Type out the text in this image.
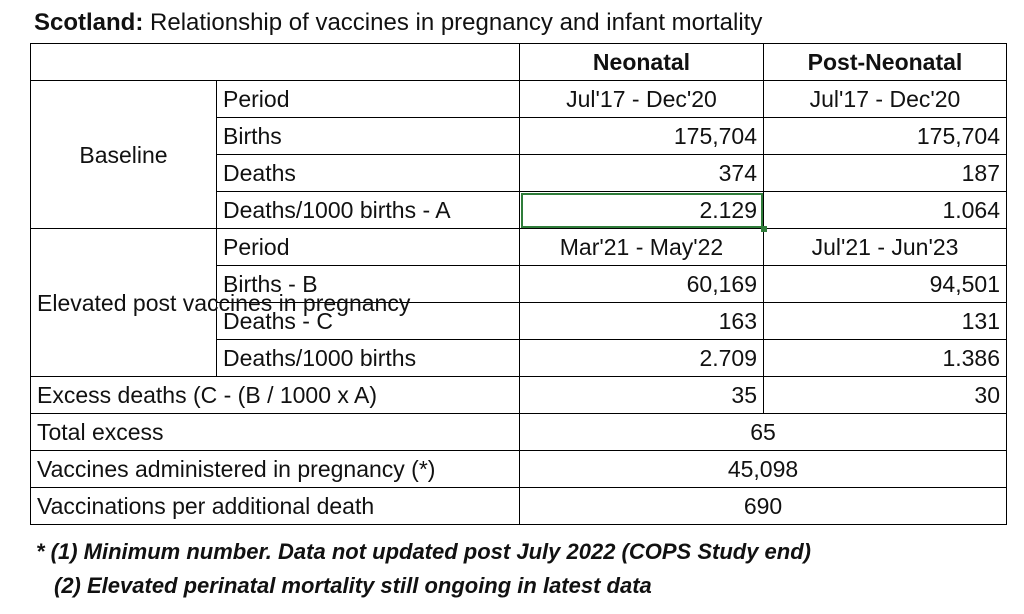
Scotland: Relationship of vaccines in pregnancy and infant mortality
		Neonatal	Post-Neonatal
Baseline	Period	Jul'17 - Dec'20	Jul'17 - Dec'20
	Births	175,704	175,704
	Deaths	374	187
	Deaths/1000 births - A	2.129	1.064
Elevated post vaccines in pregnancy	Period	Mar'21 - May'22	Jul'21 - Jun'23
	Births - B	60,169	94,501
	Deaths - C	163	131
	Deaths/1000 births	2.709	1.386
Excess deaths (C - (B / 1000 x A)		35	30
Total excess		65	
Vaccines administered in pregnancy (*)		45,098	
Vaccinations per additional death		690	
* (1) Minimum number. Data not updated post July 2022 (COPS Study end)
(2) Elevated perinatal mortality still ongoing in latest data
